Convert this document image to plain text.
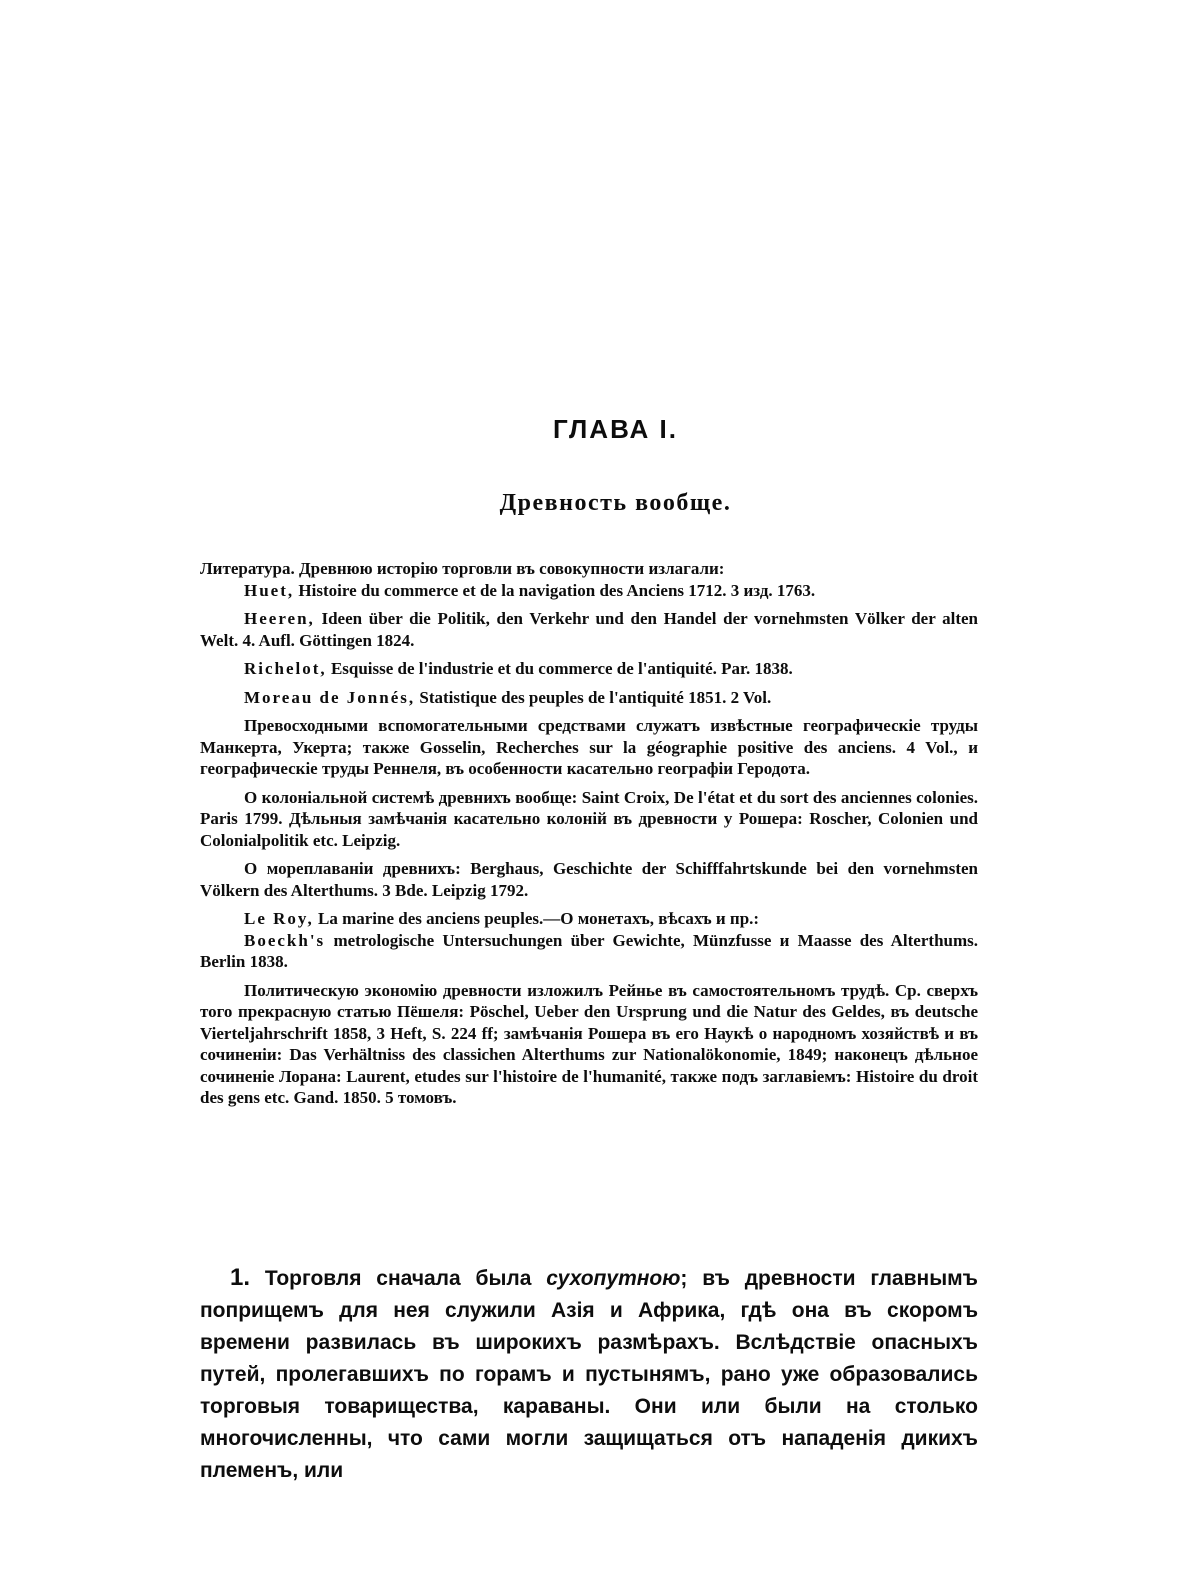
ГЛАВА I.
Древность вообще.

Литература. Древнюю исторію торговли въ совокупности излагали:

Huet, Histoire du commerce et de la navigation des Anciens 1712. 3 изд. 1763.

Heeren, Ideen über die Politik, den Verkehr und den Handel der vornehmsten Völker der alten Welt. 4. Aufl. Göttingen 1824.

Richelot, Esquisse de l'industrie et du commerce de l'antiquité. Par. 1838.

Moreau de Jonnés, Statistique des peuples de l'antiquité 1851. 2 Vol.

Превосходными вспомогательными средствами служатъ извѣстные географическіе труды Манкерта, Укерта; также Gosselin, Recherches sur la géographie positive des anciens. 4 Vol., и географическіе труды Реннеля, въ особенности касательно географіи Геродота.

О колоніальной системѣ древнихъ вообще: Saint Croix, De l'état et du sort des anciennes colonies. Paris 1799. Дѣльныя замѣчанія касательно колоній въ древности у Рошера: Roscher, Colonien und Colonialpolitik etc. Leipzig.

О мореплаваніи древнихъ: Berghaus, Geschichte der Schifffahrtskunde bei den vornehmsten Völkern des Alterthums. 3 Bde. Leipzig 1792.

Le Roy, La marine des anciens peuples.—О монетахъ, вѣсахъ и пр.:

Boeckh's metrologische Untersuchungen über Gewichte, Münzfusse и Maasse des Alterthums. Berlin 1838.

Политическую экономію древности изложилъ Рейнье въ самостоятельномъ трудѣ. Ср. сверхъ того прекрасную статью Пёшеля: Pöschel, Ueber den Ursprung und die Natur des Geldes, въ deutsche Vierteljahrschrift 1858, 3 Heft, S. 224 ff; замѣчанія Рошера въ его Наукѣ о народномъ хозяйствѣ и въ сочиненіи: Das Verhältniss des classichen Alterthums zur Nationalökonomie, 1849; наконецъ дѣльное сочиненіе Лорана: Laurent, etudes sur l'histoire de l'humanité, также подъ заглавіемъ: Histoire du droit des gens etc. Gand. 1850. 5 томовъ.

1. Торговля сначала была сухопутною; въ древности главнымъ поприщемъ для нея служили Азія и Африка, гдѣ она въ скоромъ времени развилась въ широкихъ размѣрахъ. Вслѣдствіе опасныхъ путей, пролегавшихъ по горамъ и пустынямъ, рано уже образовались торговыя товарищества, караваны. Они или были на столько многочисленны, что сами могли защищаться отъ нападенія дикихъ племенъ, или
